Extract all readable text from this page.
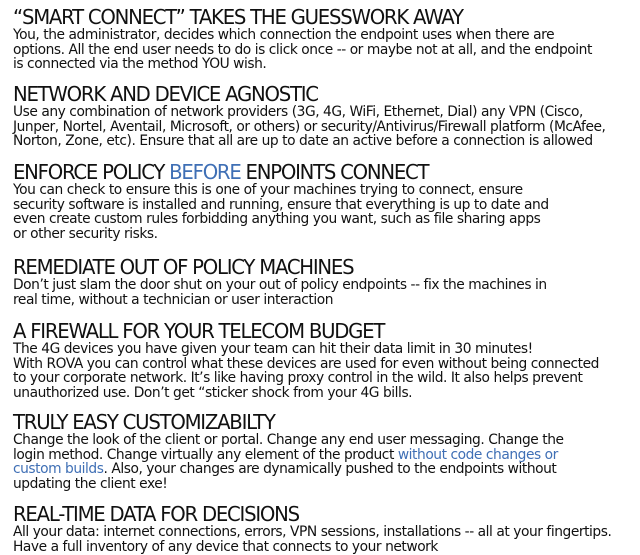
“SMART CONNECT” TAKES THE GUESSWORK AWAY

You, the administrator, decides which connection the endpoint uses when there are
options. All the end user needs to do is click once -- or maybe not at all, and the endpoint
is connected via the method YOU wish.

NETWORK AND DEVICE AGNOSTIC

Use any combination of network providers (3G, 4G, WiFi, Ethernet, Dial) any VPN (Cisco,
Junper, Nortel, Aventail, Microsoft, or others) or security/Antivirus/Firewall platform (McAfee,
Norton, Zone, etc). Ensure that all are up to date an active before a connection is allowed

ENFORCE POLICY BEFORE ENPOINTS CONNECT

You can check to ensure this is one of your machines trying to connect, ensure
security software is installed and running, ensure that everything is up to date and
even create custom rules forbidding anything you want, such as file sharing apps
or other security risks.

REMEDIATE OUT OF POLICY MACHINES

Don’t just slam the door shut on your out of policy endpoints -- fix the machines in
real time, without a technician or user interaction

A FIREWALL FOR YOUR TELECOM BUDGET

The 4G devices you have given your team can hit their data limit in 30 minutes!
With ROVA you can control what these devices are used for even without being connected
to your corporate network. It’s like having proxy control in the wild. It also helps prevent
unauthorized use. Don’t get “sticker shock from your 4G bills.

TRULY EASY CUSTOMIZABILTY

Change the look of the client or portal. Change any end user messaging. Change the
login method. Change virtually any element of the product without code changes or
custom builds. Also, your changes are dynamically pushed to the endpoints without
updating the client exe!

REAL-TIME DATA FOR DECISIONS

All your data: internet connections, errors, VPN sessions, installations -- all at your fingertips.
Have a full inventory of any device that connects to your network
